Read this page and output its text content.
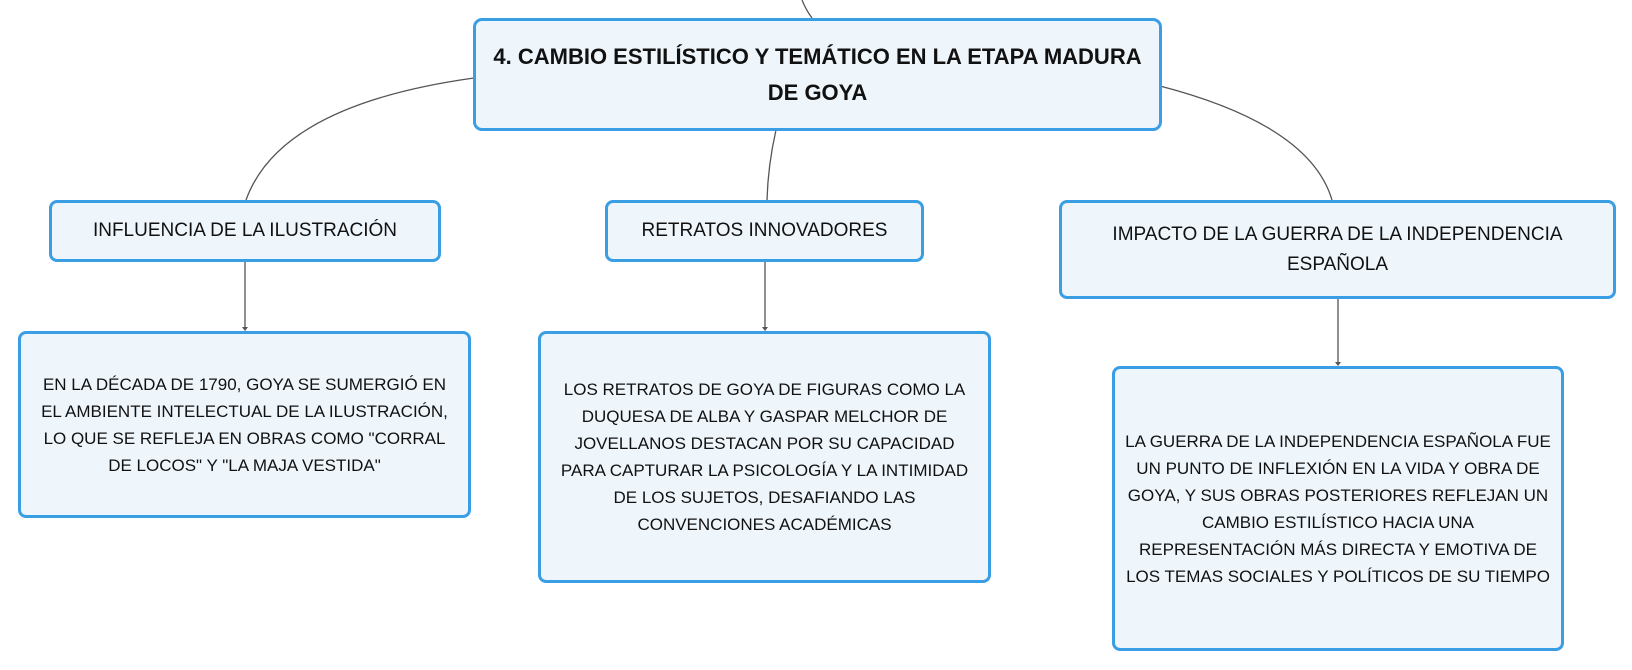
4. CAMBIO ESTILÍSTICO Y TEMÁTICO EN LA ETAPA MADURA DE GOYA
INFLUENCIA DE LA ILUSTRACIÓN	RETRATOS INNOVADORES	IMPACTO DE LA GUERRA DE LA INDEPENDENCIA ESPAÑOLA
EN LA DÉCADA DE 1790, GOYA SE SUMERGIÓ EN EL AMBIENTE INTELECTUAL DE LA ILUSTRACIÓN, LO QUE SE REFLEJA EN OBRAS COMO "CORRAL DE LOCOS" Y "LA MAJA VESTIDA"
LOS RETRATOS DE GOYA DE FIGURAS COMO LA DUQUESA DE ALBA Y GASPAR MELCHOR DE JOVELLANOS DESTACAN POR SU CAPACIDAD PARA CAPTURAR LA PSICOLOGÍA Y LA INTIMIDAD DE LOS SUJETOS, DESAFIANDO LAS CONVENCIONES ACADÉMICAS
LA GUERRA DE LA INDEPENDENCIA ESPAÑOLA FUE UN PUNTO DE INFLEXIÓN EN LA VIDA Y OBRA DE GOYA, Y SUS OBRAS POSTERIORES REFLEJAN UN CAMBIO ESTILÍSTICO HACIA UNA REPRESENTACIÓN MÁS DIRECTA Y EMOTIVA DE LOS TEMAS SOCIALES Y POLÍTICOS DE SU TIEMPO
